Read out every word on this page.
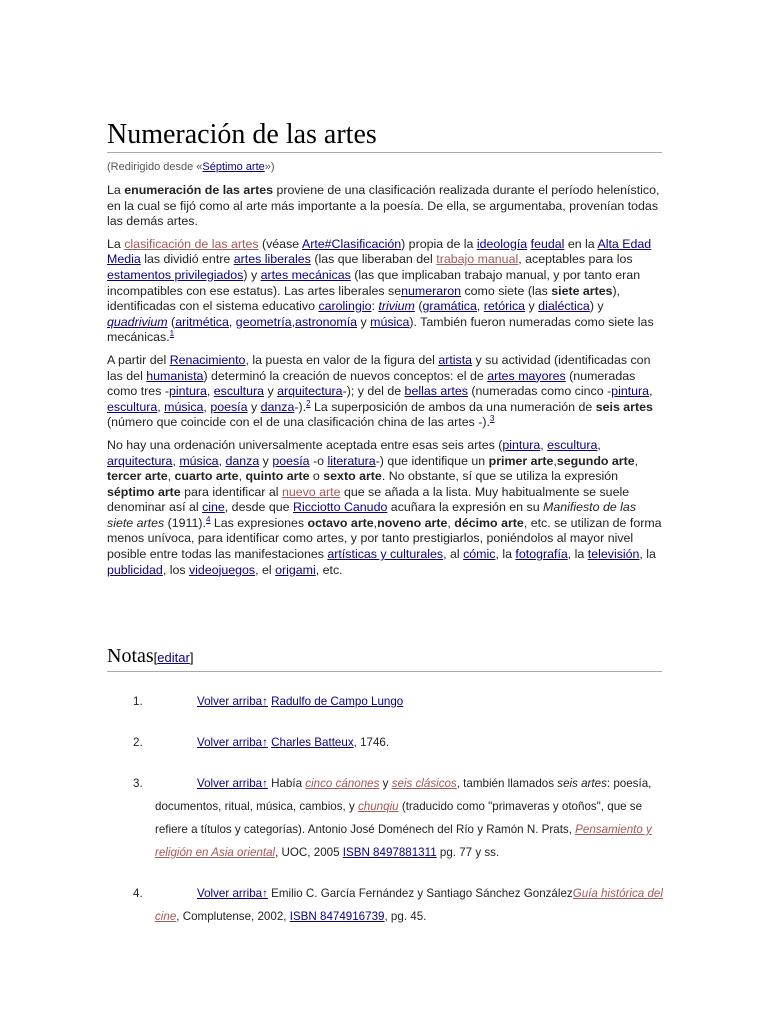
Numeración de las artes
(Redirigido desde «Séptimo arte»)

La enumeración de las artes proviene de una clasificación realizada durante el período helenístico, en la cual se fijó como al arte más importante a la poesía. De ella, se argumentaba, provenían todas las demás artes.

La clasificación de las artes (véase Arte#Clasificación) propia de la ideología feudal en la Alta Edad Media las dividió entre artes liberales (las que liberaban del trabajo manual, aceptables para los estamentos privilegiados) y artes mecánicas (las que implicaban trabajo manual, y por tanto eran incompatibles con ese estatus). Las artes liberales senumeraron como siete (las siete artes), identificadas con el sistema educativo carolingio: trivium (gramática, retórica y dialéctica) y quadrivium (aritmética, geometría,astronomía y música). También fueron numeradas como siete las mecánicas.$^1$

A partir del Renacimiento, la puesta en valor de la figura del artista y su actividad (identificadas con las del humanista) determinó la creación de nuevos conceptos: el de artes mayores (numeradas como tres -pintura, escultura y arquitectura-); y del de bellas artes (numeradas como cinco -pintura, escultura, música, poesía y danza-).$^2$ La superposición de ambos da una numeración de seis artes (número que coincide con el de una clasificación china de las artes -).$^3$

No hay una ordenación universalmente aceptada entre esas seis artes (pintura, escultura, arquitectura, música, danza y poesía -o literatura-) que identifique un primer arte,segundo arte, tercer arte, cuarto arte, quinto arte o sexto arte. No obstante, sí que se utiliza la expresión séptimo arte para identificar al nuevo arte que se añada a la lista. Muy habitualmente se suele denominar así al cine, desde que Ricciotto Canudo acuñara la expresión en su Manifiesto de las siete artes (1911).$^4$ Las expresiones octavo arte,noveno arte, décimo arte, etc. se utilizan de forma menos unívoca, para identificar como artes, y por tanto prestigiarlos, poniéndolos al mayor nivel posible entre todas las manifestaciones artísticas y culturales, al cómic, la fotografía, la televisión, la publicidad, los videojuegos, el origami, etc.

Notas[editar]
1.	Volver arriba↑ Radulfo de Campo Lungo
2.	Volver arriba↑ Charles Batteux, 1746.
3.	Volver arriba↑ Había cinco cánones y seis clásicos, también llamados seis artes: poesía, documentos, ritual, música, cambios, y chunqiu (traducido como "primaveras y otoños", que se refiere a títulos y categorías). Antonio José Doménech del Río y Ramón N. Prats, Pensamiento y religión en Asia oriental, UOC, 2005 ISBN 8497881311 pg. 77 y ss.
4.	Volver arriba↑ Emilio C. García Fernández y Santiago Sánchez GonzálezGuía histórica del cine, Complutense, 2002, ISBN 8474916739, pg. 45.
